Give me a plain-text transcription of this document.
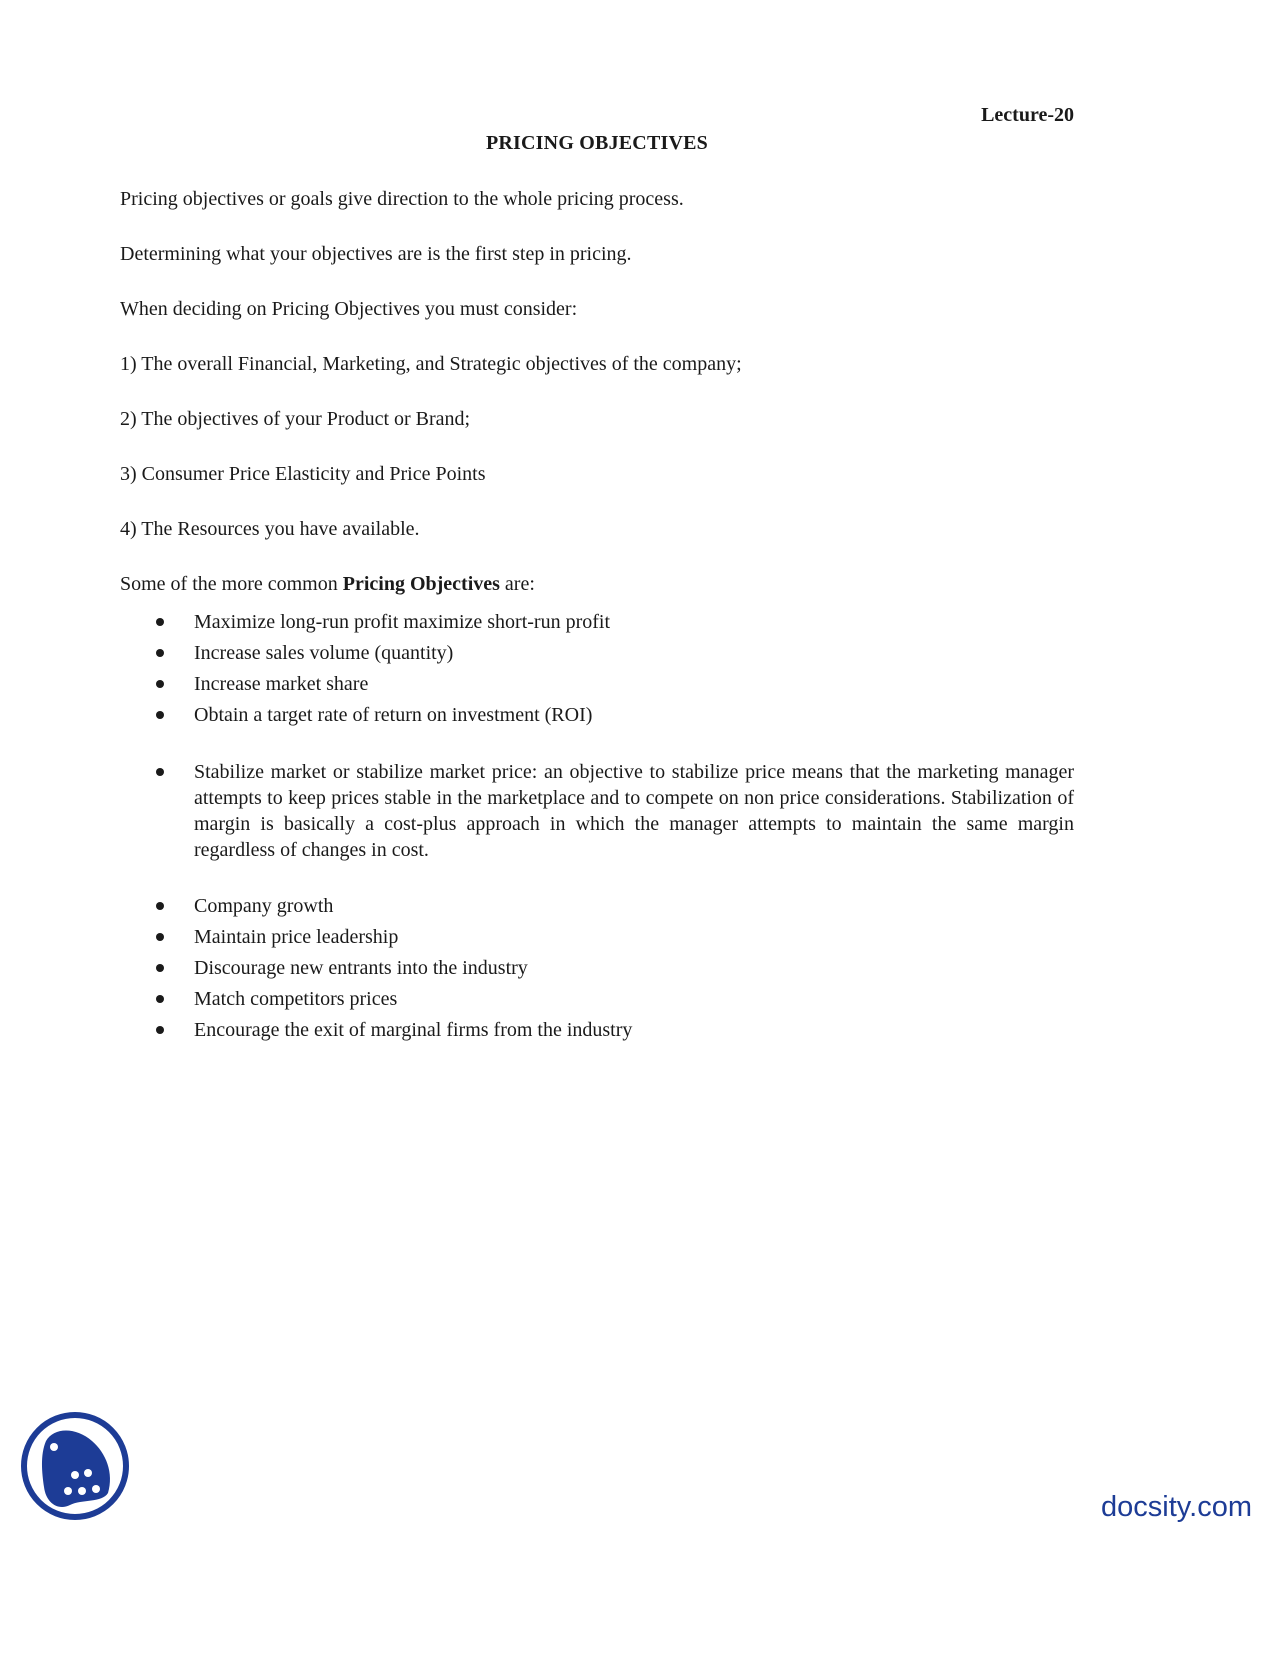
Lecture-20
PRICING OBJECTIVES

Pricing objectives or goals give direction to the whole pricing process.

Determining what your objectives are is the first step in pricing.

When deciding on Pricing Objectives you must consider:

1) The overall Financial, Marketing, and Strategic objectives of the company;

2) The objectives of your Product or Brand;

3) Consumer Price Elasticity and Price Points

4) The Resources you have available.

Some of the more common Pricing Objectives are:

Maximize long-run profit maximize short-run profit
Increase sales volume (quantity)
Increase market share
Obtain a target rate of return on investment (ROI)
Stabilize market or stabilize market price: an objective to stabilize price means that the marketing manager attempts to keep prices stable in the marketplace and to compete on non price considerations. Stabilization of margin is basically a cost-plus approach in which the manager attempts to maintain the same margin regardless of changes in cost.
Company growth
Maintain price leadership
Discourage new entrants into the industry
Match competitors prices
Encourage the exit of marginal firms from the industry
docsity.com
